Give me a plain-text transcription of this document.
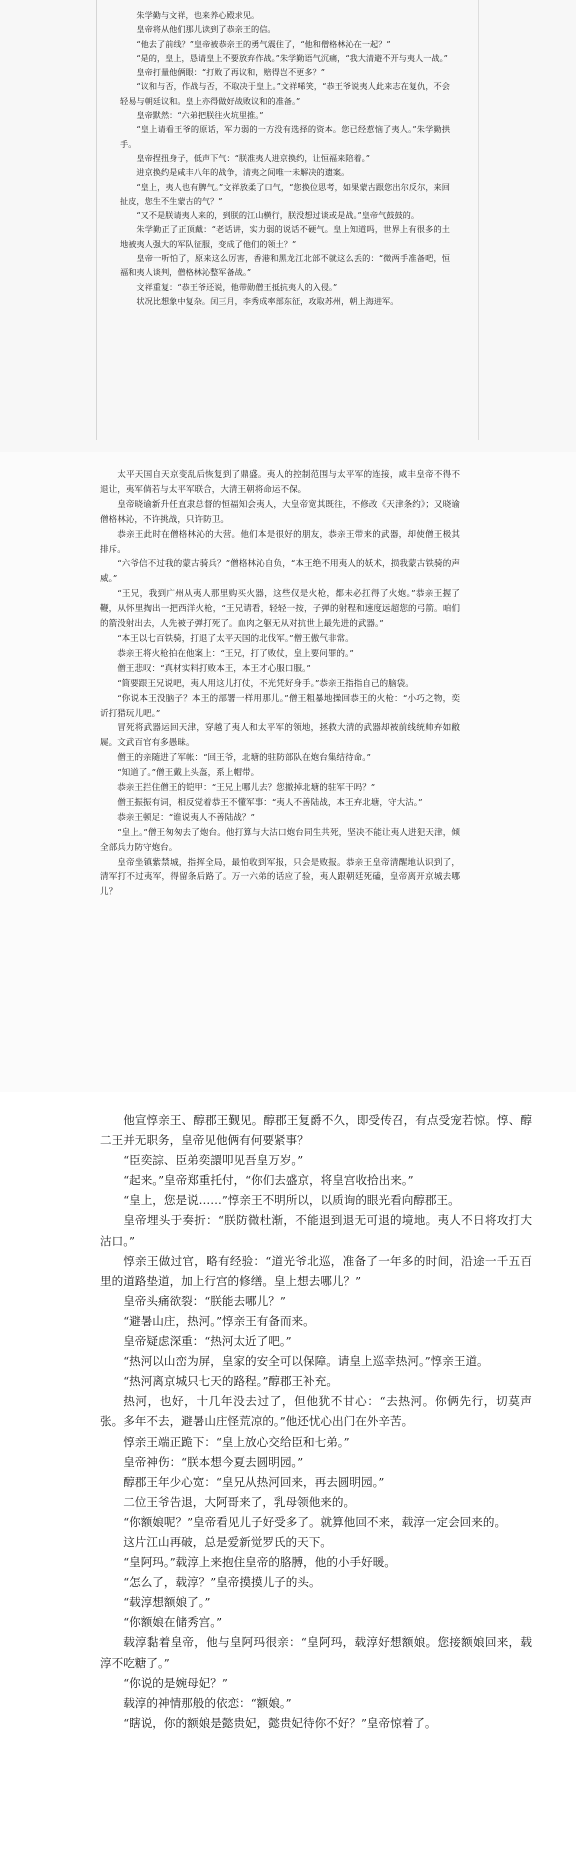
朱学勤与文祥，也来养心殿求见。

皇帝将从他们那儿读到了恭亲王的信。

“他去了前线？”皇帝被恭亲王的勇气震住了，“他和僧格林沁在一起？”

“是的，皇上，恳请皇上不要放弃作战。”朱学勤语气沉痛，“我大清避不开与夷人一战。”

皇帝打量他俩眼：“打败了再议和，赔得岂不更多？”

“议和与否，作战与否，不取决于皇上。”文祥唏笑，“恭王爷说夷人此来志在复仇，不会轻易与朝廷议和。皇上亦得做好战败议和的准备。”

皇帝默然：“六弟把朕往火坑里推。”

“皇上请看王爷的原话，军力弱的一方没有选择的资本。您已经惹恼了夷人。”朱学勤拱手。

皇帝捏扭身子，低声下气：“朕准夷人进京换约，让恒福来陪着。”

进京换约是咸丰八年的战争，清夷之间唯一未解决的遗案。

“皇上，夷人也有脾气。”文祥放柔了口气，“您换位思考，如果蒙古跟您出尔反尔，来回扯皮，您生不生蒙古的气？”

“又不是朕请夷人来的，到朕的江山横行，朕没想过谈或是战。”皇帝气鼓鼓的。

朱学勤正了正顶戴：“老话讲，实力弱的说话不硬气。皇上知道吗，世界上有很多的土地被夷人强大的军队征服，变成了他们的领土？”

皇帝一听怕了，原来这么厉害，香港和黑龙江北部不就这么丢的：“微两手准备吧，恒福和夷人谈判，僧格林沁整军备战。”

文祥重复：“恭王爷还说，他带勋僧王抵抗夷人的入侵。”

状况比想象中复杂。闰三月，李秀成率部东征，攻取苏州，朝上海进军。

太平天国自天京变乱后恢复到了鼎盛。夷人的控制范围与太平军的连接，咸丰皇帝不得不退让，夷军倘若与太平军联合，大清王朝将命运不保。

皇帝晓谕新升任直隶总督的恒福知会夷人，大皇帝宽其既往，不修改《天津条约》；又晓谕僧格林沁，不许挑战，只许防卫。

恭亲王此时在僧格林沁的大营。他们本是很好的朋友，恭亲王带来的武器，却使僧王极其排斥。

“六爷信不过我的蒙古骑兵？”僧格林沁自负，“本王绝不用夷人的妖术，损我蒙古铁骑的声威。”

“王兄，我到广州从夷人那里购买火器，这些仅是火枪，都未必扛得了火炮。”恭亲王握了鞭，从怀里掏出一把西洋火枪，“王兄请看，轻轻一按，子弹的射程和速度远超您的弓箭。咱们的箭没射出去，人先被子弹打死了。血肉之躯无从对抗世上最先进的武器。”

“本王以七百铁骑，打退了太平天国的北伐军。”僧王傲气非常。

恭亲王将火枪拍在他案上：“王兄，打了败仗，皇上要问罪的。”

僧王悲叹：“真材实料打败本王，本王才心服口服。”

“简要跟王兄说吧，夷人用这儿打仗，不光凭好身手。”恭亲王指指自己的脑袋。

“你说本王没脑子？本王的部署一样用那儿。”僧王粗暴地操回恭王的火枪：“小巧之物，奕䜣打猎玩儿吧。”

冒死将武器运回天津，穿越了夷人和太平军的领地，拯救大清的武器却被前线统帅弃如敝屣。文武百官有多愚昧。

僧王的亲随进了军帐：“回王爷，北塘的驻防部队在炮台集结待命。”

“知道了。”僧王戴上头盔，系上帽带。

恭亲王拦住僧王的铠甲：“王兄上哪儿去？您撤掉北塘的驻军干吗？”

僧王振振有词，相反觉着恭王不懂军事：“夷人不善陆战，本王弃北塘，守大沽。”

恭亲王顿足：“谁说夷人不善陆战？”

“皇上。”僧王匆匆去了炮台。他打算与大沽口炮台同生共死，坚决不能让夷人进犯天津，倾全部兵力防守炮台。

皇帝坐镇紫禁城，指挥全局，最怕收到军报，只会是败报。恭亲王皇帝清醒地认识到了，清军打不过夷军，得留条后路了。万一六弟的话应了验，夷人跟朝廷死磕，皇帝离开京城去哪儿？

他宣惇亲王、醇郡王觐见。醇郡王复爵不久，即受传召，有点受宠若惊。惇、醇二王并无职务，皇帝见他俩有何要紧事？

“臣奕誴、臣弟奕譞叩见吾皇万岁。”

“起来。”皇帝郑重托付，“你们去盛京，将皇宫收拾出来。”

“皇上，您是说……”惇亲王不明所以，以质询的眼光看向醇郡王。

皇帝埋头于奏折：“朕防微杜渐，不能退到退无可退的境地。夷人不日将攻打大沽口。”

惇亲王做过官，略有经验：“道光爷北巡，准备了一年多的时间，沿途一千五百里的道路垫道，加上行宫的修缮。皇上想去哪儿？”

皇帝头痛欲裂：“朕能去哪儿？”

“避暑山庄，热河。”惇亲王有备而来。

皇帝疑虑深重：“热河太近了吧。”

“热河以山峦为屏，皇家的安全可以保障。请皇上巡幸热河。”惇亲王道。

“热河离京城只七天的路程。”醇郡王补充。

热河，也好，十几年没去过了，但他犹不甘心：“去热河。你俩先行，切莫声张。多年不去，避暑山庄怪荒凉的。”他还忧心出门在外辛苦。

惇亲王端正跪下：“皇上放心交给臣和七弟。”

皇帝神伤：“朕本想今夏去圆明园。”

醇郡王年少心宽：“皇兄从热河回来，再去圆明园。”

二位王爷告退，大阿哥来了，乳母领他来的。

“你额娘呢？”皇帝看见儿子好受多了。就算他回不来，载淳一定会回来的。

这片江山再破，总是爱新觉罗氏的天下。

“皇阿玛。”载淳上来抱住皇帝的胳膊，他的小手好暖。

“怎么了，载淳？”皇帝摸摸儿子的头。

“载淳想额娘了。”

“你额娘在储秀宫。”

载淳黏着皇帝，他与皇阿玛很亲：“皇阿玛，载淳好想额娘。您接额娘回来，载淳不吃糖了。”

“你说的是婉母妃？”

载淳的神情那般的依恋：“额娘。”

“瞎说，你的额娘是懿贵妃，懿贵妃待你不好？”皇帝惊着了。
